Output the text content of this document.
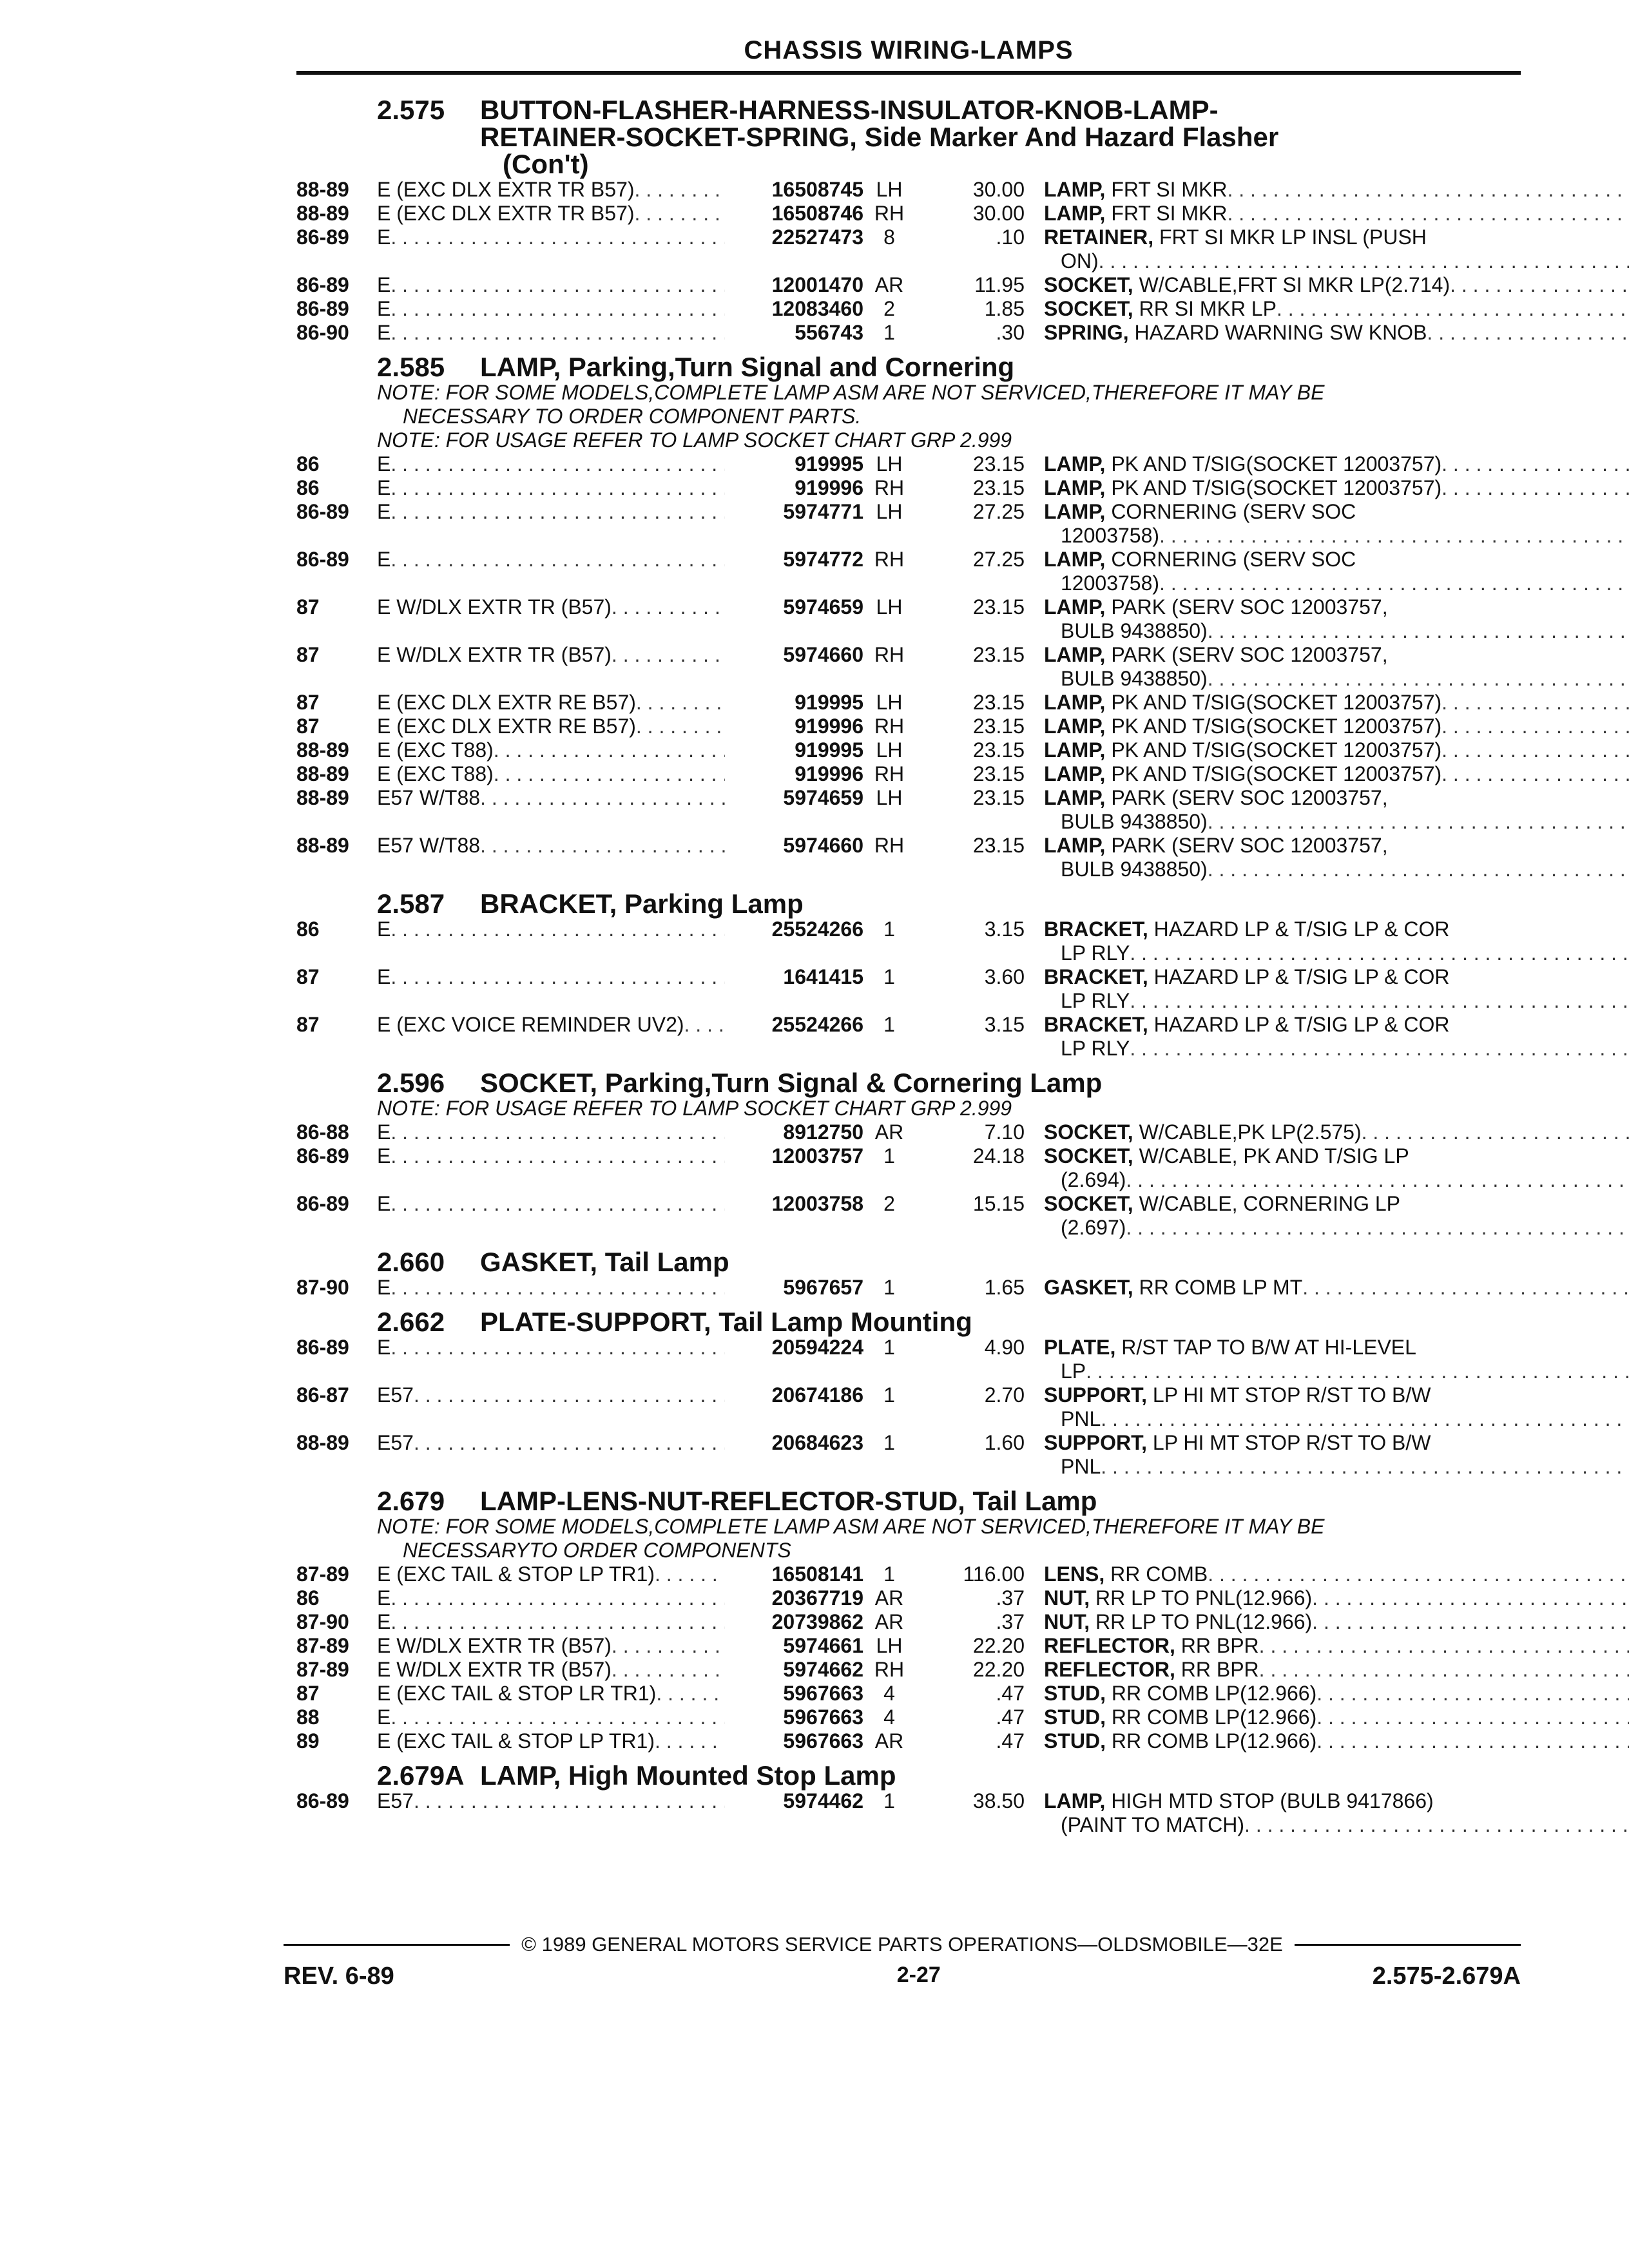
CHASSIS WIRING-LAMPS
2.575	BUTTON-FLASHER-HARNESS-INSULATOR-KNOB-LAMP-
RETAINER-SOCKET-SPRING, Side Marker And Hazard Flasher
(Con't)
88-89	E (EXC DLX EXTR TR B57) . . .	16508745 LH	30.00 LAMP, FRT SI MKR
. . .
88-89	E (EXC DLX EXTR TR B57) . . .	16508746 RH	30.00 LAMP, FRT SI MKR
. . .
86-89	E . . .	22527473 8	.10 RETAINER, FRT SI MKR LP INSL (PUSH
ON)
. . .
86-89	E . . .	12001470 AR	11.95 SOCKET, W/CABLE,FRT SI MKR LP(2.714)
. . .
86-89	E . . .	12083460 2	1.85 SOCKET, RR SI MKR LP
. . .
86-90	E . . .	556743 1	.30 SPRING, HAZARD WARNING SW KNOB
. . .
2.585	LAMP, Parking,Turn Signal and Cornering
NOTE: FOR SOME MODELS,COMPLETE LAMP ASM ARE NOT SERVICED,THEREFORE IT MAY BE
NECESSARY TO ORDER COMPONENT PARTS.
NOTE: FOR USAGE REFER TO LAMP SOCKET CHART GRP 2.999
86	E . . .	919995 LH	23.15 LAMP, PK AND T/SIG(SOCKET 12003757)
. . .
86	E . . .	919996 RH	23.15 LAMP, PK AND T/SIG(SOCKET 12003757)
. . .
86-89	E . . .	5974771 LH	27.25 LAMP, CORNERING (SERV SOC
12003758)
. . .
86-89	E . . .	5974772 RH	27.25 LAMP, CORNERING (SERV SOC
12003758)
. . .
87	E W/DLX EXTR TR (B57) . . .	5974659 LH	23.15 LAMP, PARK (SERV SOC 12003757,
BULB 9438850)
. . .
87	E W/DLX EXTR TR (B57) . . .	5974660 RH	23.15 LAMP, PARK (SERV SOC 12003757,
BULB 9438850)
. . .
87	E (EXC DLX EXTR RE B57) . . .	919995 LH	23.15 LAMP, PK AND T/SIG(SOCKET 12003757)
. . .
87	E (EXC DLX EXTR RE B57) . . .	919996 RH	23.15 LAMP, PK AND T/SIG(SOCKET 12003757)
. . .
88-89	E (EXC T88) . . .	919995 LH	23.15 LAMP, PK AND T/SIG(SOCKET 12003757)
. . .
88-89	E (EXC T88) . . .	919996 RH	23.15 LAMP, PK AND T/SIG(SOCKET 12003757)
. . .
88-89	E57 W/T88 . . .	5974659 LH	23.15 LAMP, PARK (SERV SOC 12003757,
BULB 9438850)
. . .
88-89	E57 W/T88 . . .	5974660 RH	23.15 LAMP, PARK (SERV SOC 12003757,
BULB 9438850)
. . .
2.587	BRACKET, Parking Lamp
86	E . . .	25524266 1	3.15 BRACKET, HAZARD LP & T/SIG LP & COR
LP RLY
. . .
87	E . . .	1641415 1	3.60 BRACKET, HAZARD LP & T/SIG LP & COR
LP RLY
. . .
87	E (EXC VOICE REMINDER UV2) . . .	25524266 1	3.15 BRACKET, HAZARD LP & T/SIG LP & COR
LP RLY
. . .
2.596	SOCKET, Parking,Turn Signal & Cornering Lamp
NOTE: FOR USAGE REFER TO LAMP SOCKET CHART GRP 2.999
86-88	E . . .	8912750 AR	7.10 SOCKET, W/CABLE,PK LP(2.575)
. . .
86-89	E . . .	12003757 1	24.18 SOCKET, W/CABLE, PK AND T/SIG LP
(2.694)
. . .
86-89	E . . .	12003758 2	15.15 SOCKET, W/CABLE, CORNERING LP
(2.697)
. . .
2.660	GASKET, Tail Lamp
87-90	E . . .	5967657 1	1.65 GASKET, RR COMB LP MT
. . .
2.662	PLATE-SUPPORT, Tail Lamp Mounting
86-89	E . . .	20594224 1	4.90 PLATE, R/ST TAP TO B/W AT HI-LEVEL
LP
. . .
86-87	E57 . . .	20674186 1	2.70 SUPPORT, LP HI MT STOP R/ST TO B/W
PNL
. . .
88-89	E57 . . .	20684623 1	1.60 SUPPORT, LP HI MT STOP R/ST TO B/W
PNL
. . .
2.679	LAMP-LENS-NUT-REFLECTOR-STUD, Tail Lamp
NOTE: FOR SOME MODELS,COMPLETE LAMP ASM ARE NOT SERVICED,THEREFORE IT MAY BE
NECESSARYTO ORDER COMPONENTS
87-89	E (EXC TAIL & STOP LP TR1) . . .	16508141 1	116.00 LENS, RR COMB
. . .
86	E . . .	20367719 AR	.37 NUT, RR LP TO PNL(12.966)
. . .
87-90	E . . .	20739862 AR	.37 NUT, RR LP TO PNL(12.966)
. . .
87-89	E W/DLX EXTR TR (B57) . . .	5974661 LH	22.20 REFLECTOR, RR BPR
. . .
87-89	E W/DLX EXTR TR (B57) . . .	5974662 RH	22.20 REFLECTOR, RR BPR
. . .
87	E (EXC TAIL & STOP LR TR1) . . .	5967663 4	.47 STUD, RR COMB LP(12.966)
. . .
88	E . . .	5967663 4	.47 STUD, RR COMB LP(12.966)
. . .
89	E (EXC TAIL & STOP LP TR1) . . .	5967663 AR	.47 STUD, RR COMB LP(12.966)
. . .
2.679A LAMP, High Mounted Stop Lamp
86-89	E57 . . .	5974462 1	38.50 LAMP, HIGH MTD STOP (BULB 9417866)
(PAINT TO MATCH)
. . .
© 1989 GENERAL MOTORS SERVICE PARTS OPERATIONS—OLDSMOBILE—32E
REV. 6-89	2-27	2.575-2.679A
